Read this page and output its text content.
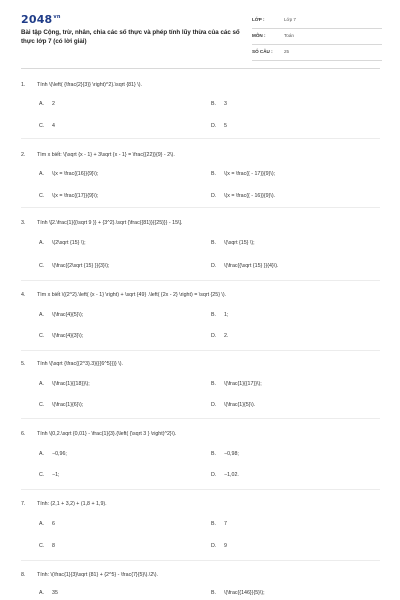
$2048^{vn}$
Bài tập Cộng, trừ, nhân, chia các số thực và phép tính lũy thừa của các số thực lớp 7 (có lời giải)
LỚP :	Lớp 7
MÔN :	Toán
SỐ CÂU : 25
1. Tính \(\left( {\frac{2}{3}} \right)^2}.\sqrt {81} \).
A. 2	B. 3
C. 4	D. 5
2. Tìm x biết: \(\sqrt {x - 1} + 3\sqrt {x - 1} = \frac{{22}}{9} - 2\).
A. \(x = \frac{{16}}{9}\);	B. \(x = \frac{{ - 17}}{9}\);
C. \(x = \frac{{17}}{9}\);	D. \(x = \frac{{ - 16}}{9}\).
3. Tính \[2.\frac{1}{{\sqrt 9 }} + {3^2}.\sqrt {\frac{{81}}{{25}}} - 15\].
A. \(2\sqrt {15} \);	B. \(\sqrt {15} \);
C. \(\frac{{2\sqrt {15} }}{3}\);	D. \(\frac{{\sqrt {15} }}{4}\).
4. Tìm x biết \({2^2}.\left( {x - 1} \right) + \sqrt {49} .\left( {2x - 2} \right) = \sqrt {25} \).
A. \(\frac{4}{5}\);	B. 1;
C. \(\frac{4}{3}\);	D. 2.
5. Tính \(\sqrt {\frac{{2^3}.3}{{{6^5}}}} \).
A. \(\frac{1}{{18}}\);	B. \(\frac{1}{{17}}\);
C. \(\frac{1}{6}\);	D. \(\frac{1}{5}\).
6. Tính \(0,2.\sqrt {0,01} - \frac{1}{3}.{\left( {\sqrt 3 } \right)^2}\).
A. −0,96;	B. −0,98;
C. −1;	D. −1,02.
7. Tính: (2,1 + 3,2) + (1,8 + 1,9).
A. 6	B. 7
C. 8	D. 9
8. Tính: \(\frac{1}{3}\sqrt {81} + {2^5} - \frac{7}{5}\).\2\).
A. 35	B. \(\frac{{146}}{5}\);
